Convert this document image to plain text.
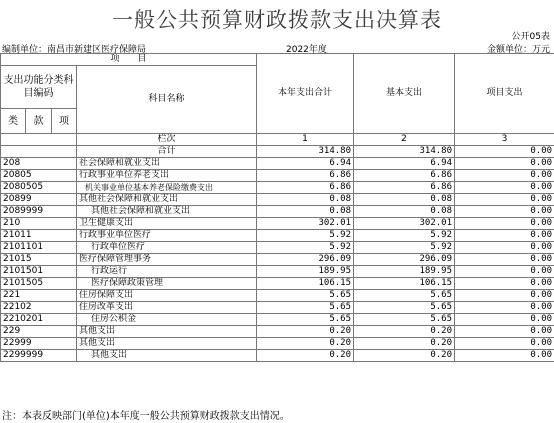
一般公共预算财政拨款支出决算表
公开05表
编制单位：南昌市新建区医疗保障局	2022年度	金额单位：万元
项　　目				本年支出合计	基本支出	项目支出
支出功能分类科目编码			科目名称			
类	款	项				
			栏次	1	2	3
			合计	314.80	314.80	0.00
208			社会保障和就业支出	6.94	6.94	0.00
20805			行政事业单位养老支出	6.86	6.86	0.00
2080505			机关事业单位基本养老保险缴费支出	6.86	6.86	0.00
20899			其他社会保障和就业支出	0.08	0.08	0.00
2089999			其他社会保障和就业支出	0.08	0.08	0.00
210			卫生健康支出	302.01	302.01	0.00
21011			行政事业单位医疗	5.92	5.92	0.00
2101101			行政单位医疗	5.92	5.92	0.00
21015			医疗保障管理事务	296.09	296.09	0.00
2101501			行政运行	189.95	189.95	0.00
2101505			医疗保障政策管理	106.15	106.15	0.00
221			住房保障支出	5.65	5.65	0.00
22102			住房改革支出	5.65	5.65	0.00
2210201			住房公积金	5.65	5.65	0.00
229			其他支出	0.20	0.20	0.00
22999			其他支出	0.20	0.20	0.00
2299999			其他支出	0.20	0.20	0.00
注：本表反映部门(单位)本年度一般公共预算财政拨款支出情况。
